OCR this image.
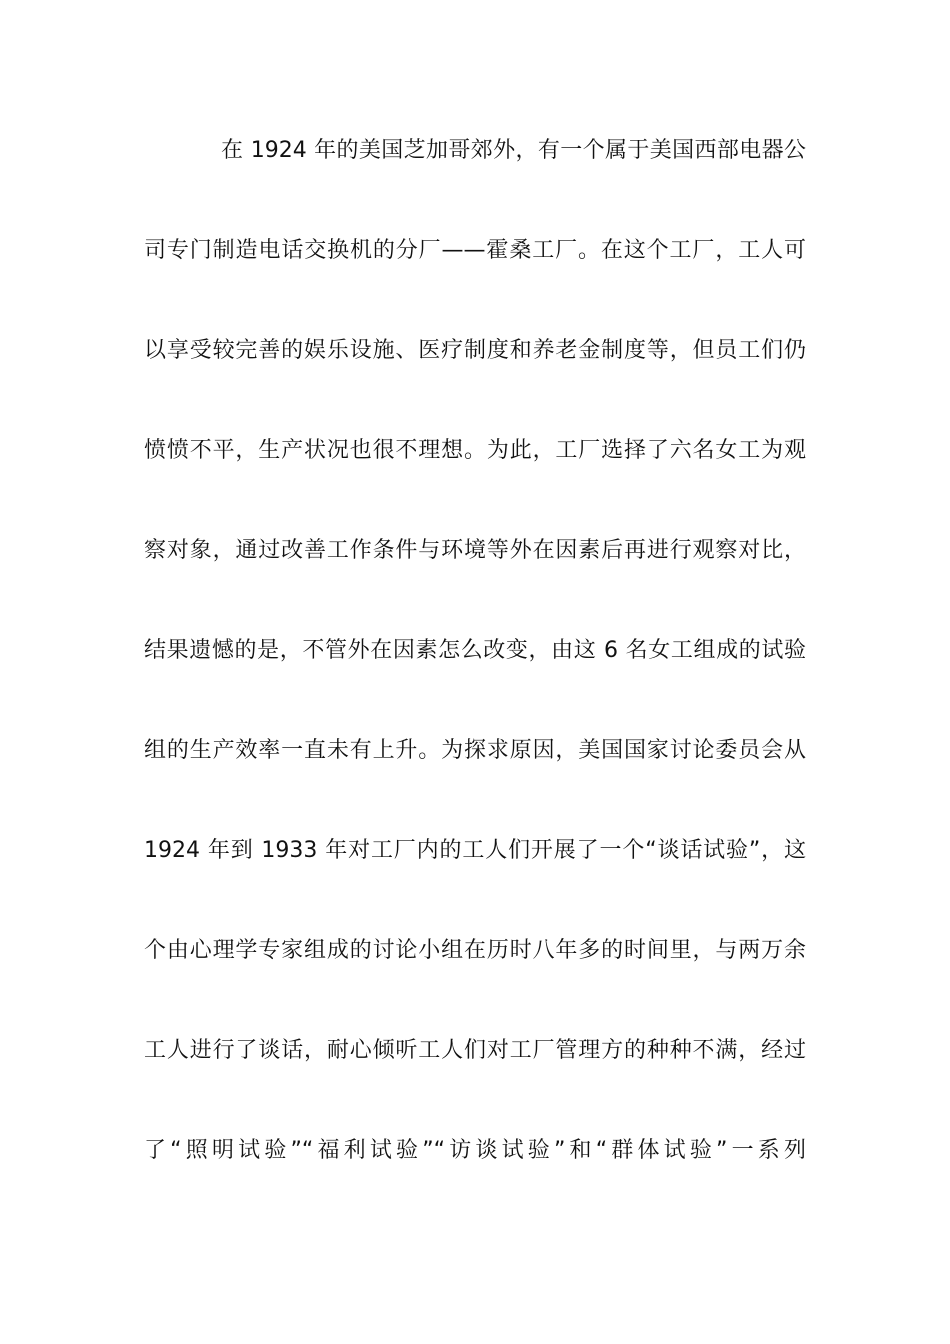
在 1924 年的美国芝加哥郊外，有一个属于美国西部电器公
司专门制造电话交换机的分厂——霍桑工厂。在这个工厂，工人可
以享受较完善的娱乐设施、医疗制度和养老金制度等，但员工们仍
愤愤不平，生产状况也很不理想。为此，工厂选择了六名女工为观
察对象，通过改善工作条件与环境等外在因素后再进行观察对比，
结果遗憾的是，不管外在因素怎么改变，由这 6 名女工组成的试验
组的生产效率一直未有上升。为探求原因，美国国家讨论委员会从
1924 年到 1933 年对工厂内的工人们开展了一个“谈话试验”，这
个由心理学专家组成的讨论小组在历时八年多的时间里，与两万余
工人进行了谈话，耐心倾听工人们对工厂管理方的种种不满，经过
了“照明试验”“福利试验”“访谈试验”和“群体试验”一系列
